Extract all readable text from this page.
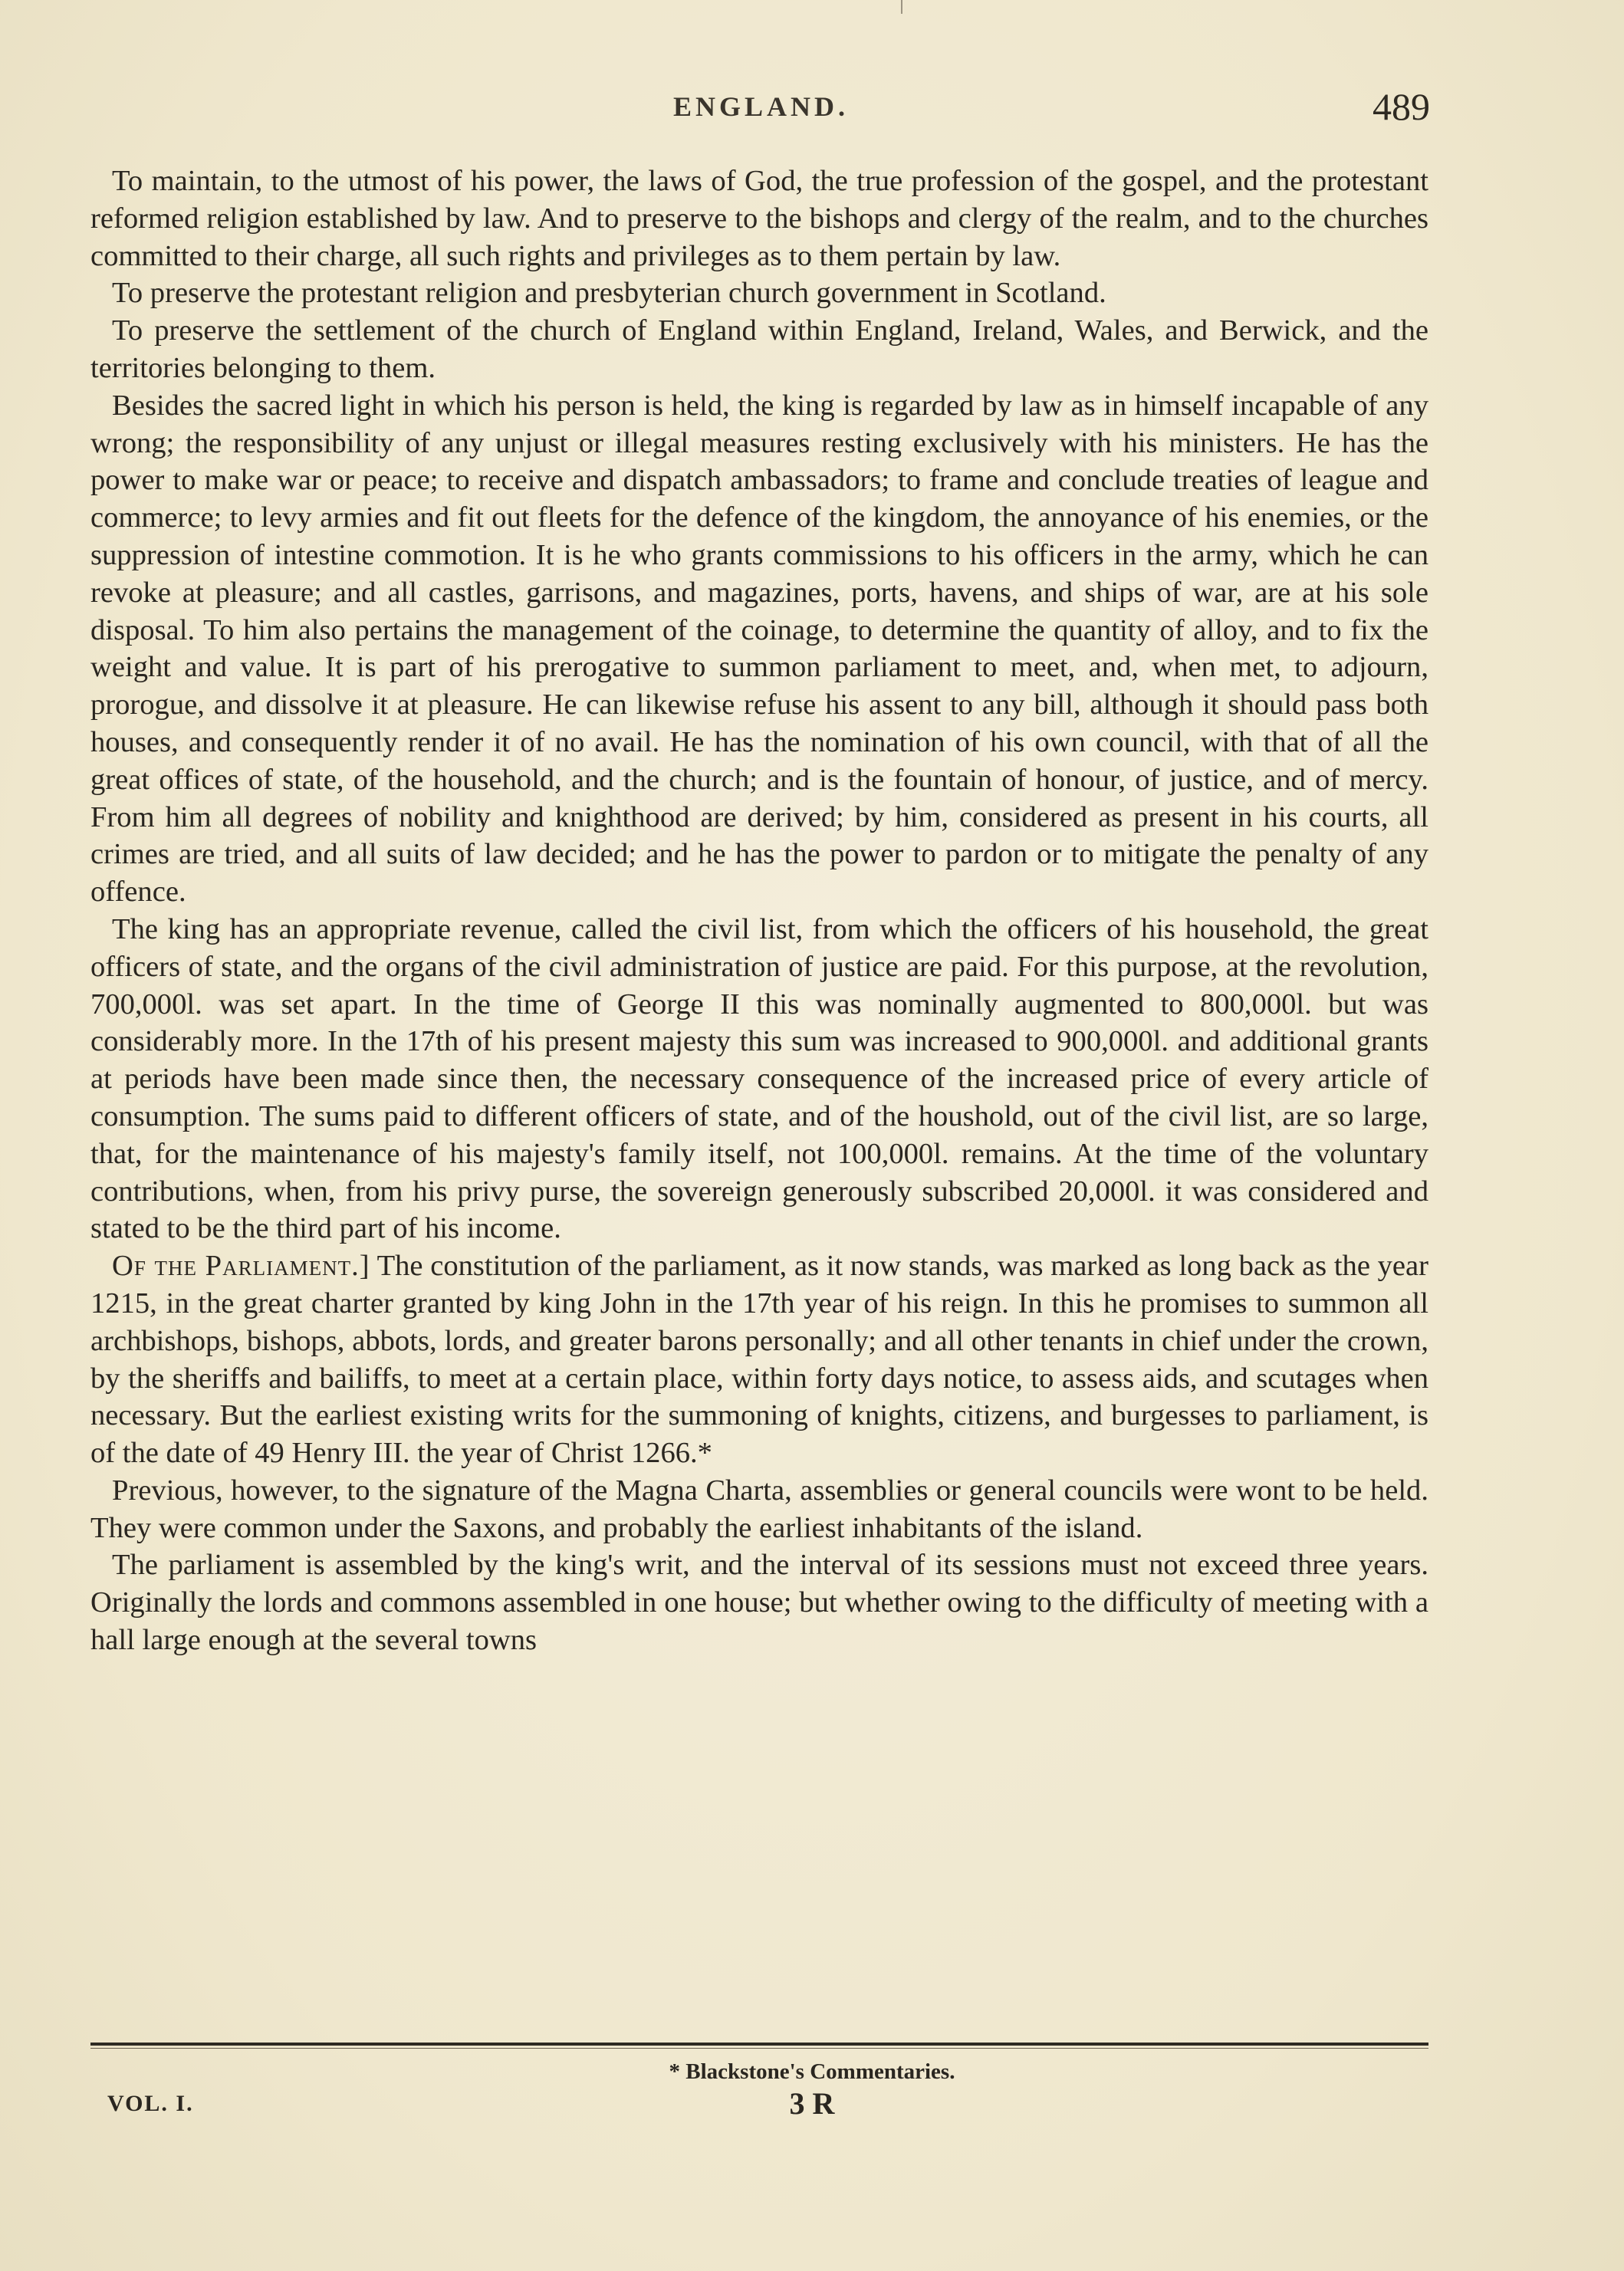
ENGLAND.	489

To maintain, to the utmost of his power, the laws of God, the true profession of the gospel, and the protestant reformed religion established by law. And to preserve to the bishops and clergy of the realm, and to the churches committed to their charge, all such rights and privileges as to them pertain by law.

To preserve the protestant religion and presbyterian church government in Scotland.

To preserve the settlement of the church of England within England, Ireland, Wales, and Berwick, and the territories belonging to them.

Besides the sacred light in which his person is held, the king is regarded by law as in himself incapable of any wrong; the responsibility of any unjust or illegal measures resting exclusively with his ministers. He has the power to make war or peace; to receive and dispatch ambassadors; to frame and conclude treaties of league and commerce; to levy armies and fit out fleets for the defence of the kingdom, the annoyance of his enemies, or the suppression of intestine commotion. It is he who grants commissions to his officers in the army, which he can revoke at pleasure; and all castles, garrisons, and magazines, ports, havens, and ships of war, are at his sole disposal. To him also pertains the management of the coinage, to determine the quantity of alloy, and to fix the weight and value. It is part of his prerogative to summon parliament to meet, and, when met, to adjourn, prorogue, and dissolve it at pleasure. He can likewise refuse his assent to any bill, although it should pass both houses, and consequently render it of no avail. He has the nomination of his own council, with that of all the great offices of state, of the household, and the church; and is the fountain of honour, of justice, and of mercy. From him all degrees of nobility and knighthood are derived; by him, considered as present in his courts, all crimes are tried, and all suits of law decided; and he has the power to pardon or to mitigate the penalty of any offence.

The king has an appropriate revenue, called the civil list, from which the officers of his household, the great officers of state, and the organs of the civil administration of justice are paid. For this purpose, at the revolution, 700,000l. was set apart. In the time of George II this was nominally augmented to 800,000l. but was considerably more. In the 17th of his present majesty this sum was increased to 900,000l. and additional grants at periods have been made since then, the necessary consequence of the increased price of every article of consumption. The sums paid to different officers of state, and of the houshold, out of the civil list, are so large, that, for the maintenance of his majesty's family itself, not 100,000l. remains. At the time of the voluntary contributions, when, from his privy purse, the sovereign generously subscribed 20,000l. it was considered and stated to be the third part of his income.

Of the Parliament.] The constitution of the parliament, as it now stands, was marked as long back as the year 1215, in the great charter granted by king John in the 17th year of his reign. In this he promises to summon all archbishops, bishops, abbots, lords, and greater barons personally; and all other tenants in chief under the crown, by the sheriffs and bailiffs, to meet at a certain place, within forty days notice, to assess aids, and scutages when necessary. But the earliest existing writs for the summoning of knights, citizens, and burgesses to parliament, is of the date of 49 Henry III. the year of Christ 1266.*

Previous, however, to the signature of the Magna Charta, assemblies or general councils were wont to be held. They were common under the Saxons, and probably the earliest inhabitants of the island.

The parliament is assembled by the king's writ, and the interval of its sessions must not exceed three years. Originally the lords and commons assembled in one house; but whether owing to the difficulty of meeting with a hall large enough at the several towns

* Blackstone's Commentaries.
VOL. I.	3 R
